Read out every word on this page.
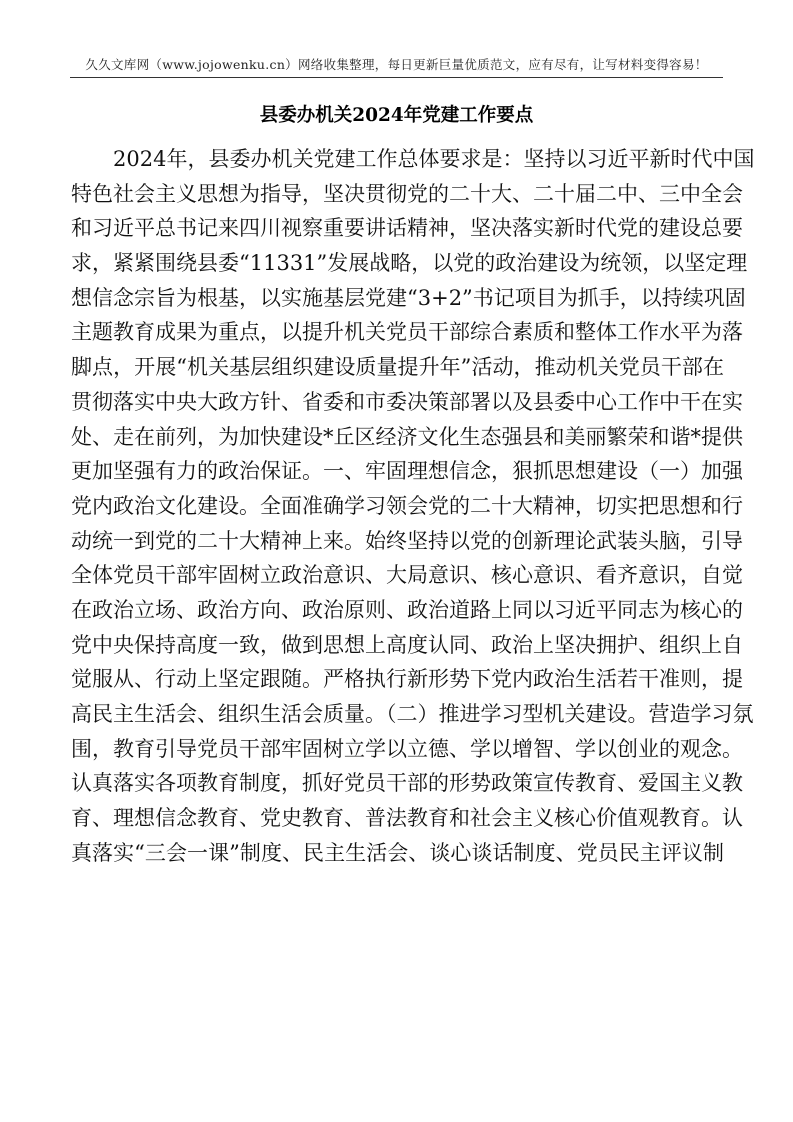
久久文库网（www.jojowenku.cn）网络收集整理，每日更新巨量优质范文，应有尽有，让写材料变得容易！
县委办机关2024年党建工作要点
2024年，县委办机关党建工作总体要求是：坚持以习近平新时代中国
特色社会主义思想为指导，坚决贯彻党的二十大、二十届二中、三中全会
和习近平总书记来四川视察重要讲话精神，坚决落实新时代党的建设总要
求，紧紧围绕县委“11331”发展战略，以党的政治建设为统领，以坚定理
想信念宗旨为根基，以实施基层党建“3+2”书记项目为抓手，以持续巩固
主题教育成果为重点，以提升机关党员干部综合素质和整体工作水平为落
脚点，开展“机关基层组织建设质量提升年”活动，推动机关党员干部在
贯彻落实中央大政方针、省委和市委决策部署以及县委中心工作中干在实
处、走在前列，为加快建设*丘区经济文化生态强县和美丽繁荣和谐*提供
更加坚强有力的政治保证。一、牢固理想信念，狠抓思想建设（一）加强
党内政治文化建设。全面准确学习领会党的二十大精神，切实把思想和行
动统一到党的二十大精神上来。始终坚持以党的创新理论武装头脑，引导
全体党员干部牢固树立政治意识、大局意识、核心意识、看齐意识，自觉
在政治立场、政治方向、政治原则、政治道路上同以习近平同志为核心的
党中央保持高度一致，做到思想上高度认同、政治上坚决拥护、组织上自
觉服从、行动上坚定跟随。严格执行新形势下党内政治生活若干准则，提
高民主生活会、组织生活会质量。（二）推进学习型机关建设。营造学习氛
围，教育引导党员干部牢固树立学以立德、学以增智、学以创业的观念。
认真落实各项教育制度，抓好党员干部的形势政策宣传教育、爱国主义教
育、理想信念教育、党史教育、普法教育和社会主义核心价值观教育。认
真落实“三会一课”制度、民主生活会、谈心谈话制度、党员民主评议制
